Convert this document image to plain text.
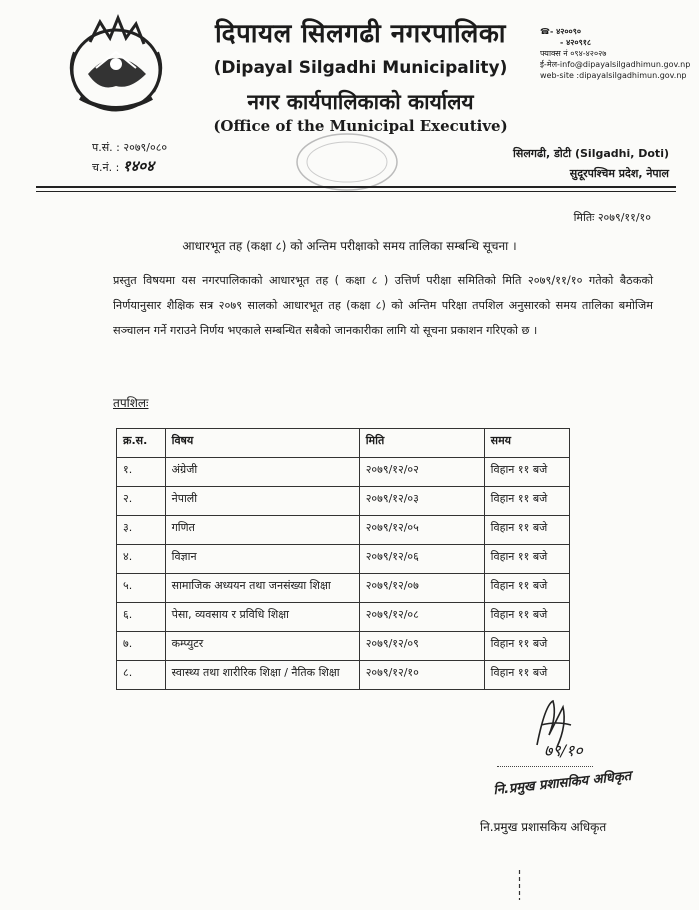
दिपायल सिलगढी नगरपालिका
(Dipayal Silgadhi Municipality)
नगर कार्यपालिकाको कार्यालय
(Office of the Municipal Executive)
☎- ४२००९०
- ४२०९१८
फ्याक्स नं ०९४-४२०२७
ई-मेल-info@dipayalsilgadhimun.gov.np
web-site :dipayalsilgadhimun.gov.np
प.सं. : २०७९/०८०
च.नं. : १४०४
सिलगढी, डोटी (Silgadhi, Doti)
सुदूरपश्चिम प्रदेश, नेपाल
मितिः २०७९/११/१०
आधारभूत तह (कक्षा ८) को अन्तिम परीक्षाको समय तालिका सम्बन्धि सूचना ।
प्रस्तुत विषयमा यस नगरपालिकाको आधारभूत तह ( कक्षा ८ ) उत्तिर्ण परीक्षा समितिको मिति २०७९/११/१० गतेको बैठकको निर्णयानुसार शैक्षिक सत्र २०७९ सालको आधारभूत तह (कक्षा ८) को अन्तिम परिक्षा तपशिल अनुसारको समय तालिका बमोजिम सञ्चालन गर्ने गराउने निर्णय भएकाले सम्बन्धित सबैको जानकारीका लागि यो सूचना प्रकाशन गरिएको छ ।
तपशिलः
क्र.स.	विषय	मिति	समय
१.	अंग्रेजी	२०७९/१२/०२	विहान ११ बजे
२.	नेपाली	२०७९/१२/०३	विहान ११ बजे
३.	गणित	२०७९/१२/०५	विहान ११ बजे
४.	विज्ञान	२०७९/१२/०६	विहान ११ बजे
५.	सामाजिक अध्ययन तथा जनसंख्या शिक्षा	२०७९/१२/०७	विहान ११ बजे
६.	पेसा, व्यवसाय र प्रविधि शिक्षा	२०७९/१२/०८	विहान ११ बजे
७.	कम्प्युटर	२०७९/१२/०९	विहान ११ बजे
८.	स्वास्थ्य तथा शारीरिक शिक्षा / नैतिक शिक्षा	२०७९/१२/१०	विहान ११ बजे
७९/१०
नि.प्रमुख प्रशासकिय अधिकृत
नि.प्रमुख प्रशासकिय अधिकृत
